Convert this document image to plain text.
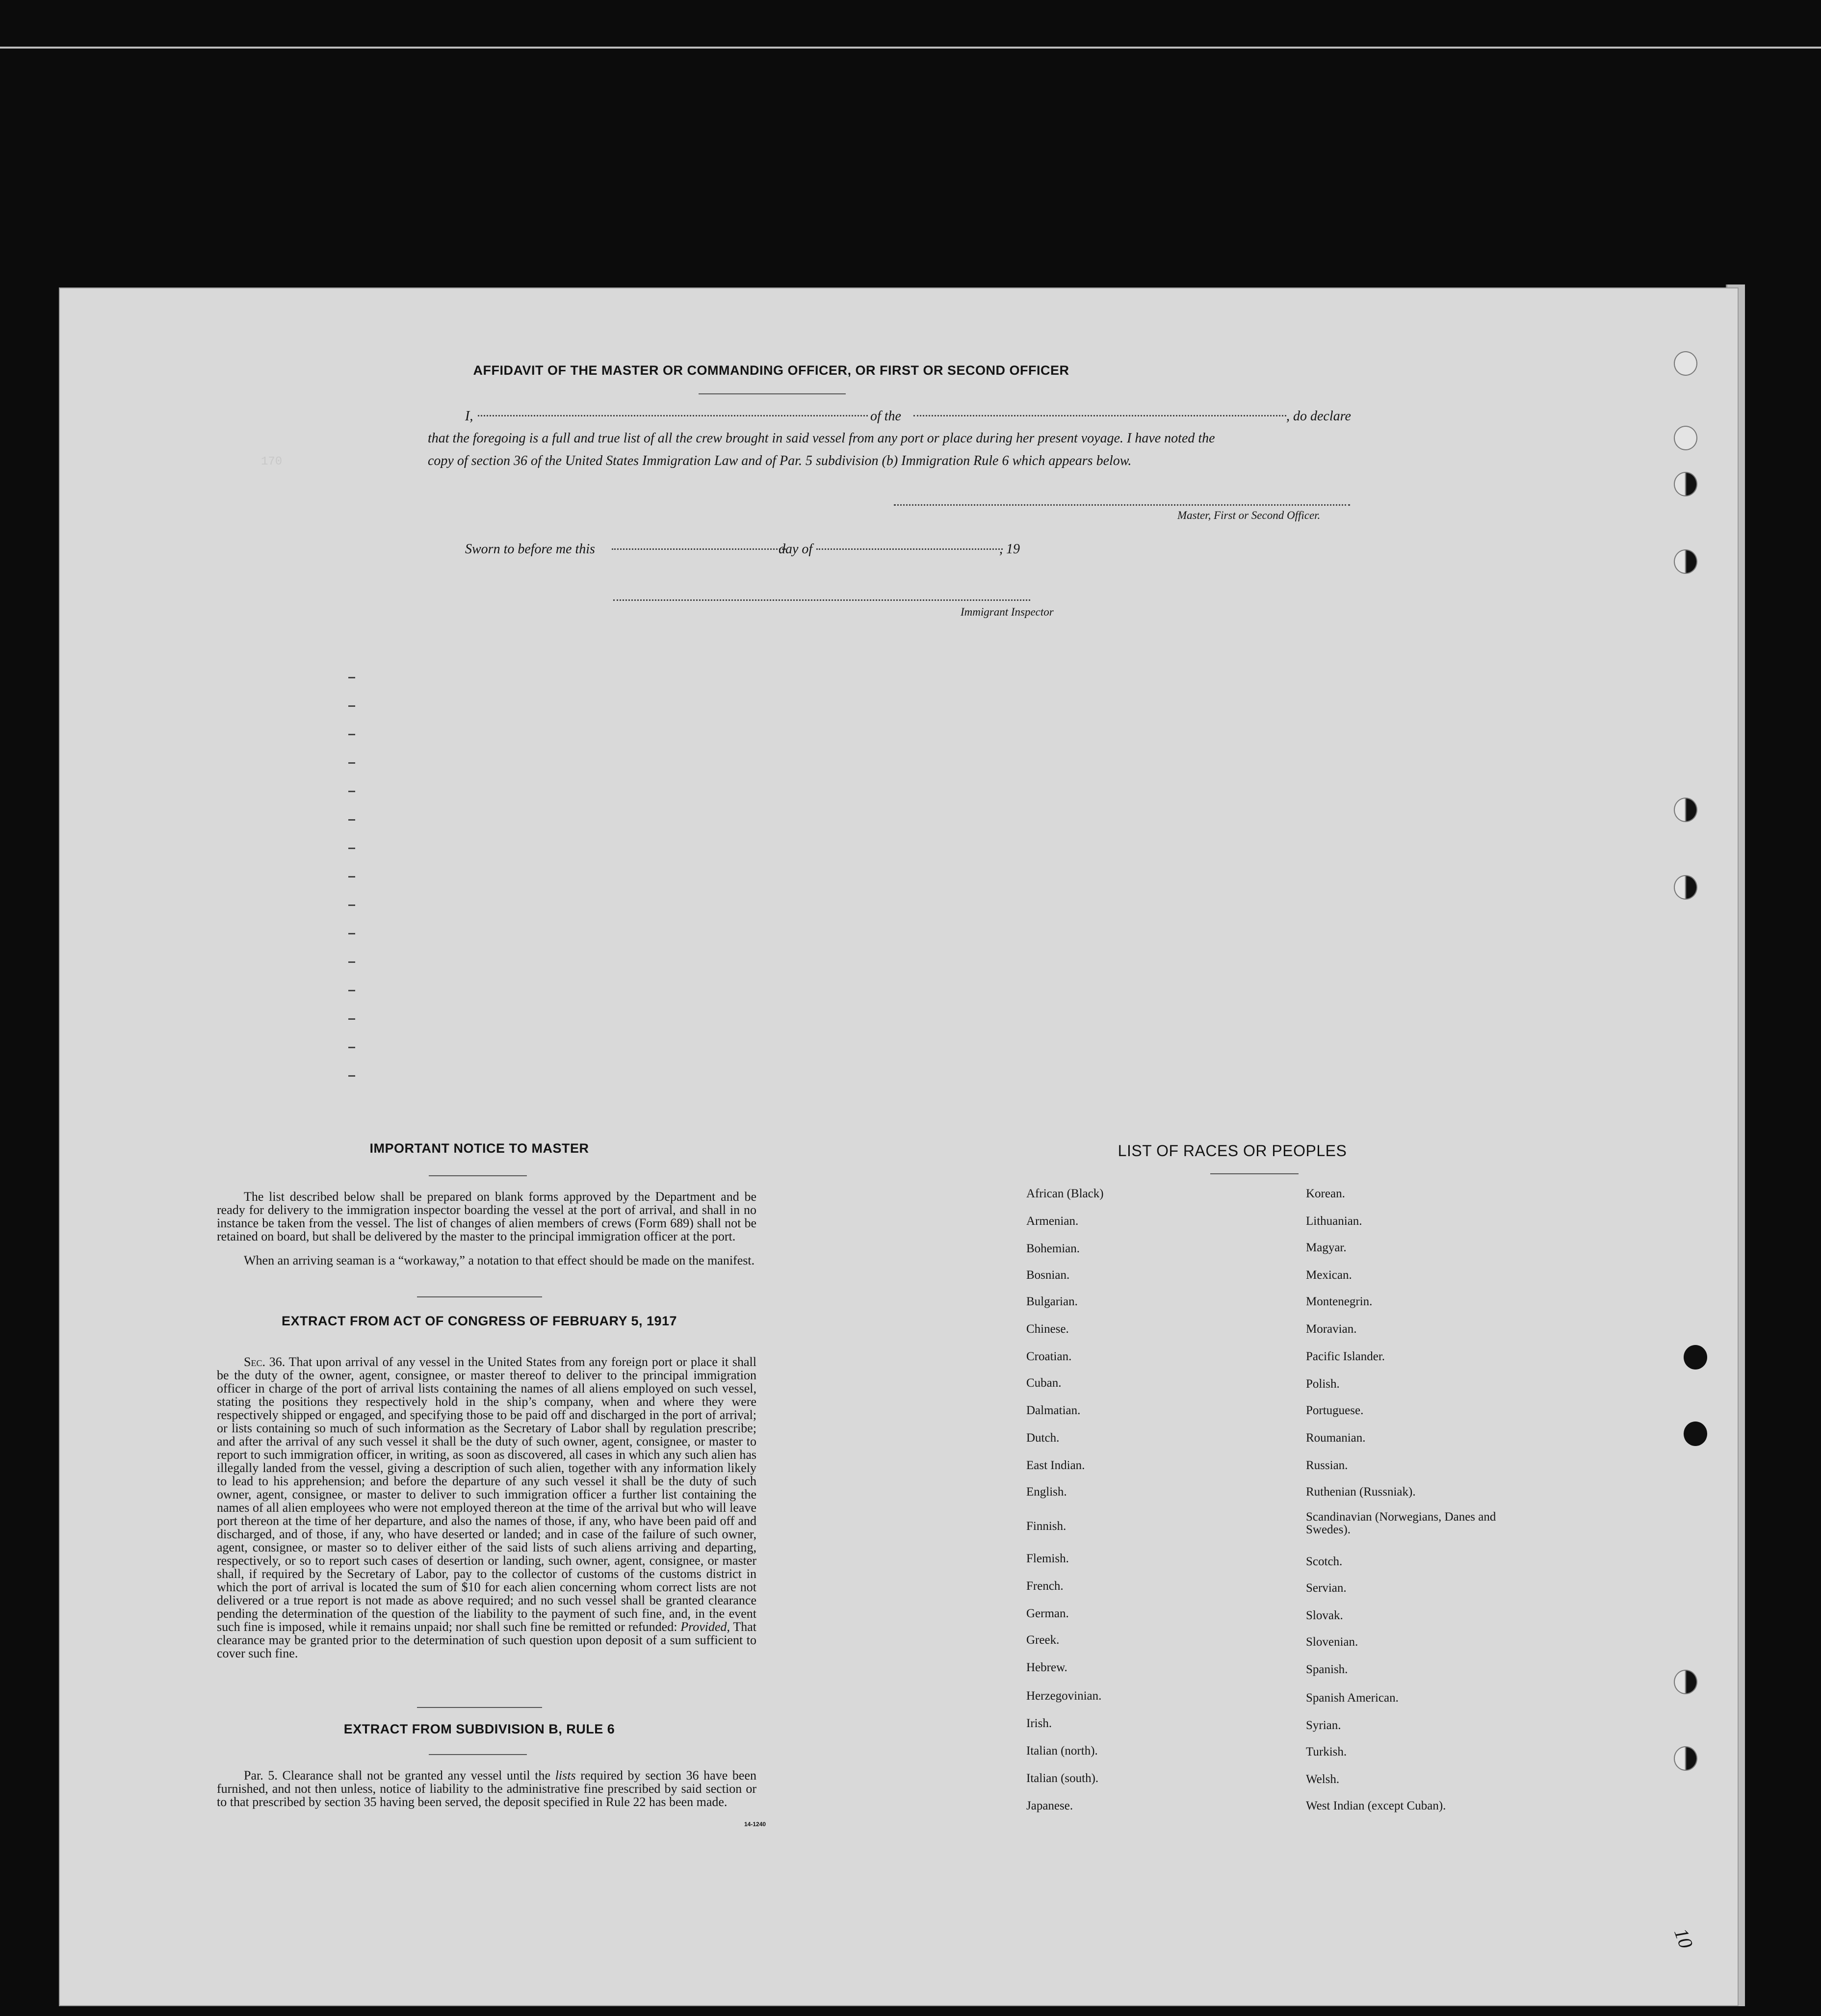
170
AFFIDAVIT OF THE MASTER OR COMMANDING OFFICER, OR FIRST OR SECOND OFFICER
I,	of the	, do declare
that the foregoing is a full and true list of all the crew brought in said vessel from any port or place during her present voyage. I have noted the
copy of section 36 of the United States Immigration Law and of Par. 5 subdivision (b) Immigration Rule 6 which appears below.
Master, First or Second Officer.
Sworn to before me this	day of	, 19
Immigrant Inspector
IMPORTANT NOTICE TO MASTER
The list described below shall be prepared on blank forms approved by the Department and be ready for delivery to the immigration inspector boarding the vessel at the port of arrival, and shall in no instance be taken from the vessel. The list of changes of alien members of crews (Form 689) shall not be retained on board, but shall be delivered by the master to the principal immigration officer at the port.
When an arriving seaman is a “workaway,” a notation to that effect should be made on the manifest.
EXTRACT FROM ACT OF CONGRESS OF FEBRUARY 5, 1917
Sec. 36. That upon arrival of any vessel in the United States from any foreign port or place it shall be the duty of the owner, agent, consignee, or master thereof to deliver to the principal immigration officer in charge of the port of arrival lists containing the names of all aliens employed on such vessel, stating the positions they respectively hold in the ship’s company, when and where they were respectively shipped or engaged, and specifying those to be paid off and discharged in the port of arrival; or lists containing so much of such information as the Secretary of Labor shall by regulation prescribe; and after the arrival of any such vessel it shall be the duty of such owner, agent, consignee, or master to report to such immigration officer, in writing, as soon as discovered, all cases in which any such alien has illegally landed from the vessel, giving a description of such alien, together with any information likely to lead to his apprehension; and before the departure of any such vessel it shall be the duty of such owner, agent, consignee, or master to deliver to such immigration officer a further list containing the names of all alien employees who were not employed thereon at the time of the arrival but who will leave port thereon at the time of her departure, and also the names of those, if any, who have been paid off and discharged, and of those, if any, who have deserted or landed; and in case of the failure of such owner, agent, consignee, or master so to deliver either of the said lists of such aliens arriving and departing, respectively, or so to report such cases of desertion or landing, such owner, agent, consignee, or master shall, if required by the Secretary of Labor, pay to the collector of customs of the customs district in which the port of arrival is located the sum of $10 for each alien concerning whom correct lists are not delivered or a true report is not made as above required; and no such vessel shall be granted clearance pending the determination of the question of the liability to the payment of such fine, and, in the event such fine is imposed, while it remains unpaid; nor shall such fine be remitted or refunded: Provided, That clearance may be granted prior to the determination of such question upon deposit of a sum sufficient to cover such fine.
EXTRACT FROM SUBDIVISION B, RULE 6
Par. 5. Clearance shall not be granted any vessel until the lists required by section 36 have been furnished, and not then unless, notice of liability to the administrative fine prescribed by said section or to that prescribed by section 35 having been served, the deposit specified in Rule 22 has been made.
14-1240
LIST OF RACES OR PEOPLES
African (Black)
Armenian.
Bohemian.
Bosnian.
Bulgarian.
Chinese.
Croatian.
Cuban.
Dalmatian.
Dutch.
East Indian.
English.
Finnish.
Flemish.
French.
German.
Greek.
Hebrew.
Herzegovinian.
Irish.
Italian (north).
Italian (south).
Japanese.
Korean.
Lithuanian.
Magyar.
Mexican.
Montenegrin.
Moravian.
Pacific Islander.
Polish.
Portuguese.
Roumanian.
Russian.
Ruthenian (Russniak).
Scandinavian (Norwegians, Danes and Swedes).
Scotch.
Servian.
Slovak.
Slovenian.
Spanish.
Spanish American.
Syrian.
Turkish.
Welsh.
West Indian (except Cuban).
10
